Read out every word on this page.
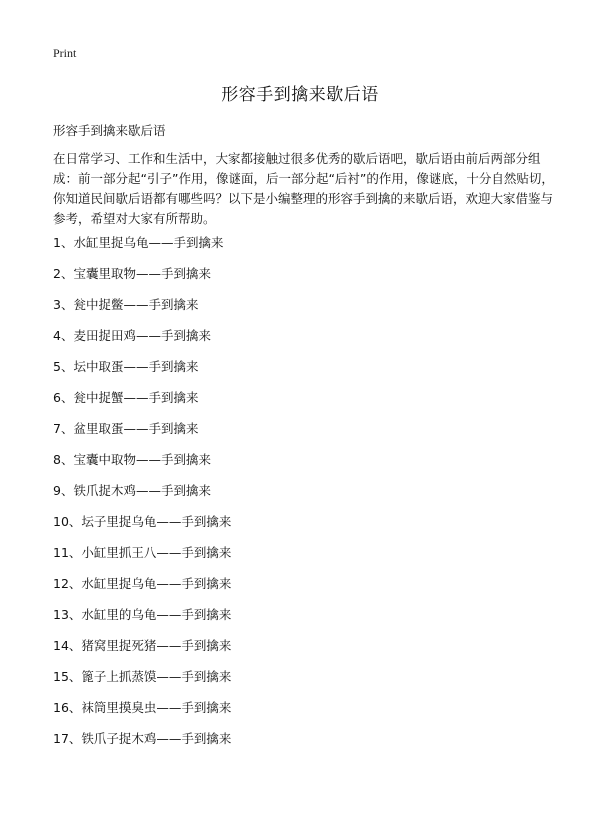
Print
形容手到擒来歇后语

形容手到擒来歇后语

在日常学习、工作和生活中，大家都接触过很多优秀的歇后语吧，歇后语由前后两部分组成：前一部分起“引子”作用，像谜面，后一部分起“后衬”的作用，像谜底，十分自然贴切，你知道民间歇后语都有哪些吗？以下是小编整理的形容手到擒的来歇后语，欢迎大家借鉴与参考，希望对大家有所帮助。

1、水缸里捉乌龟——手到擒来
2、宝囊里取物——手到擒来
3、瓮中捉鳖——手到擒来
4、麦田捉田鸡——手到擒来
5、坛中取蛋——手到擒来
6、瓮中捉蟹——手到擒来
7、盆里取蛋——手到擒来
8、宝囊中取物——手到擒来
9、铁爪捉木鸡——手到擒来
10、坛子里捉乌龟——手到擒来
11、小缸里抓王八——手到擒来
12、水缸里捉乌龟——手到擒来
13、水缸里的乌龟——手到擒来
14、猪窝里捉死猪——手到擒来
15、篦子上抓蒸馍——手到擒来
16、袜筒里摸臭虫——手到擒来
17、铁爪子捉木鸡——手到擒来
